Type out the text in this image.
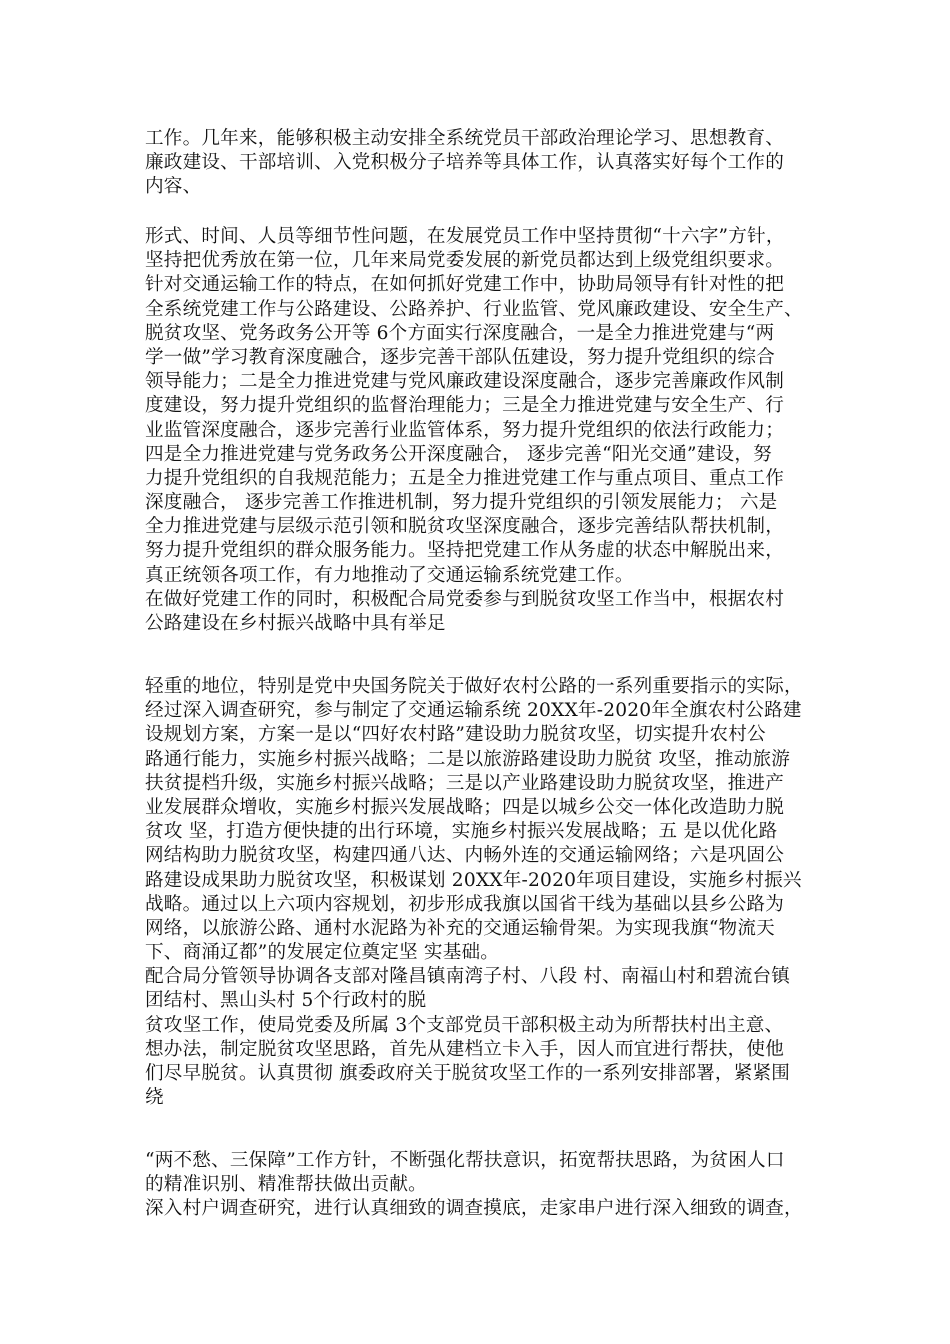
工作。几年来，能够积极主动安排全系统党员干部政治理论学习、思想教育、
廉政建设、干部培训、入党积极分子培养等具体工作，认真落实好每个工作的
内容、
形式、时间、人员等细节性问题，在发展党员工作中坚持贯彻“十六字”方针，
坚持把优秀放在第一位，几年来局党委发展的新党员都达到上级党组织要求。
针对交通运输工作的特点，在如何抓好党建工作中，协助局领导有针对性的把
全系统党建工作与公路建设、公路养护、行业监管、党风廉政建设、安全生产、
脱贫攻坚、党务政务公开等 6个方面实行深度融合，一是全力推进党建与“两
学一做”学习教育深度融合，逐步完善干部队伍建设，努力提升党组织的综合
领导能力；二是全力推进党建与党风廉政建设深度融合，逐步完善廉政作风制
度建设，努力提升党组织的监督治理能力；三是全力推进党建与安全生产、行
业监管深度融合，逐步完善行业监管体系，努力提升党组织的依法行政能力；
四是全力推进党建与党务政务公开深度融合， 逐步完善“阳光交通”建设，努
力提升党组织的自我规范能力；五是全力推进党建工作与重点项目、重点工作
深度融合， 逐步完善工作推进机制，努力提升党组织的引领发展能力； 六是
全力推进党建与层级示范引领和脱贫攻坚深度融合，逐步完善结队帮扶机制，
努力提升党组织的群众服务能力。坚持把党建工作从务虚的状态中解脱出来，
真正统领各项工作，有力地推动了交通运输系统党建工作。
在做好党建工作的同时，积极配合局党委参与到脱贫攻坚工作当中，根据农村
公路建设在乡村振兴战略中具有举足
轻重的地位，特别是党中央国务院关于做好农村公路的一系列重要指示的实际，
经过深入调查研究，参与制定了交通运输系统 20XX年-2020年全旗农村公路建
设规划方案，方案一是以“四好农村路”建设助力脱贫攻坚，切实提升农村公
路通行能力，实施乡村振兴战略；二是以旅游路建设助力脱贫 攻坚，推动旅游
扶贫提档升级，实施乡村振兴战略；三是以产业路建设助力脱贫攻坚，推进产
业发展群众增收，实施乡村振兴发展战略；四是以城乡公交一体化改造助力脱
贫攻 坚，打造方便快捷的出行环境，实施乡村振兴发展战略；五 是以优化路
网结构助力脱贫攻坚，构建四通八达、内畅外连的交通运输网络；六是巩固公
路建设成果助力脱贫攻坚，积极谋划 20XX年-2020年项目建设，实施乡村振兴
战略。通过以上六项内容规划，初步形成我旗以国省干线为基础以县乡公路为
网络，以旅游公路、通村水泥路为补充的交通运输骨架。为实现我旗“物流天
下、商涌辽都”的发展定位奠定坚 实基础。
配合局分管领导协调各支部对隆昌镇南湾子村、八段 村、南福山村和碧流台镇
团结村、黑山头村 5个行政村的脱
贫攻坚工作，使局党委及所属 3个支部党员干部积极主动为所帮扶村出主意、
想办法，制定脱贫攻坚思路，首先从建档立卡入手，因人而宜进行帮扶，使他
们尽早脱贫。认真贯彻 旗委政府关于脱贫攻坚工作的一系列安排部署，紧紧围
绕
“两不愁、三保障”工作方针，不断强化帮扶意识，拓宽帮扶思路，为贫困人口
的精准识别、精准帮扶做出贡献。
深入村户调查研究，进行认真细致的调查摸底，走家串户进行深入细致的调查，
